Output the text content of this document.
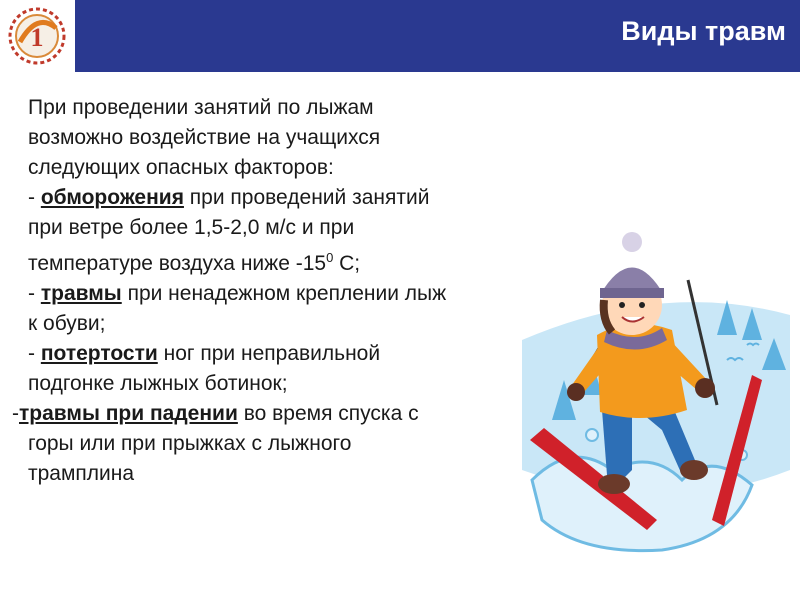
Виды травм
1
При проведении занятий по лыжам
возможно воздействие на учащихся
следующих опасных факторов:
- обморожения при проведений занятий
при ветре более 1,5-2,0 м/с и при
температуре воздуха ниже $-15^0$ С;
- травмы при ненадежном креплении лыж
к обуви;
- потертости ног при неправильной
подгонке лыжных ботинок;
-травмы при падении во время спуска с
горы или при прыжках с лыжного
трамплина
